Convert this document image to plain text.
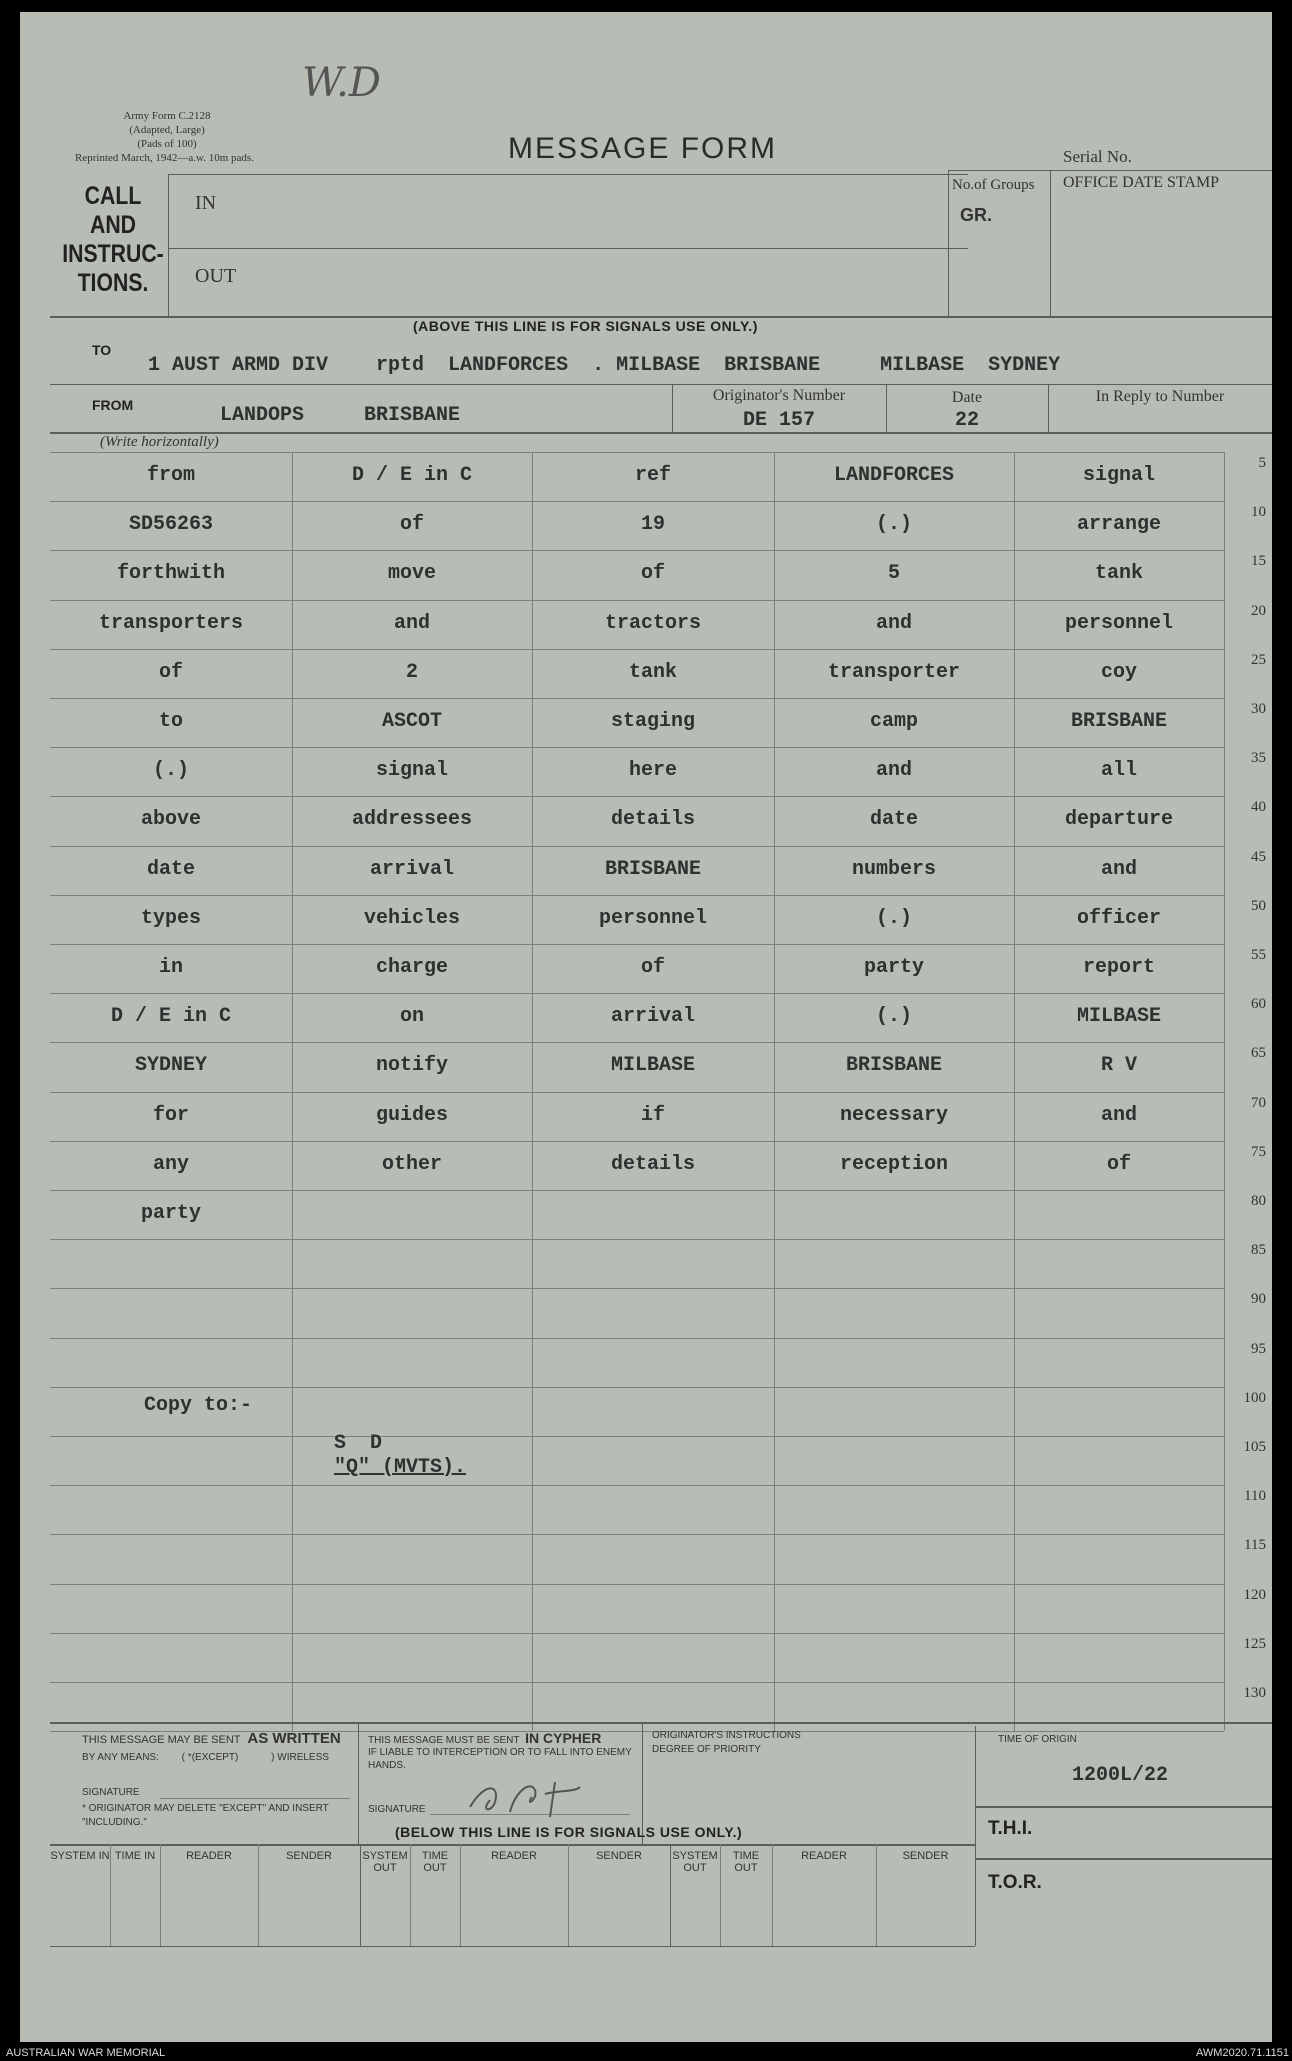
W.D
Army Form C.2128
(Adapted, Large)
(Pads of 100)
Reprinted March, 1942—a.w. 10m pads.	MESSAGE FORM	Serial No.
No.of Groups
GR.
OFFICE DATE STAMP
CALL
AND
INSTRUC-
TIONS.
IN
OUT
(ABOVE THIS LINE IS FOR SIGNALS USE ONLY.)
TO
1 AUST ARMD DIV    rptd  LANDFORCES  . MILBASE  BRISBANE     MILBASE  SYDNEY
FROM	LANDOPS     BRISBANE
Originator's Number
DE 157
Date
22
In Reply to Number
(Write horizontally)
from	D / E in C	ref	LANDFORCES	signal
5
SD56263	of	19	(.)	arrange
10
forthwith	move	of	5	tank
15
transporters	and	tractors	and	personnel
20
of	2	tank	transporter	coy
25
to	ASCOT	staging	camp	BRISBANE
30
(.)	signal	here	and	all
35
above	addressees	details	date	departure
40
date	arrival	BRISBANE	numbers	and
45
types	vehicles	personnel	(.)	officer
50
in	charge	of	party	report
55
D / E in C	on	arrival	(.)	MILBASE
60
SYDNEY	notify	MILBASE	BRISBANE	R V
65
for	guides	if	necessary	and
70
any	other	details	reception	of
75
party
80
85
90
95
100
105
110
115
120
125
130
Copy to:-
S  D
"Q" (MVTS).
THIS MESSAGE MAY BE SENT AS WRITTEN
BY ANY MEANS: ( *(EXCEPT)	) WIRELESS
SIGNATURE
* ORIGINATOR MAY DELETE "EXCEPT" AND INSERT "INCLUDING."
THIS MESSAGE MUST BE SENT IN CYPHER
IF LIABLE TO INTERCEPTION OR TO FALL INTO ENEMY HANDS.
SIGNATURE
ORIGINATOR'S INSTRUCTIONS
DEGREE OF PRIORITY
TIME OF ORIGIN
1200L/22
(BELOW THIS LINE IS FOR SIGNALS USE ONLY.)	T.H.I.
T.O.R.
SYSTEM IN TIME IN	READER	SENDER	SYSTEM OUT
TIME OUT
READER	SENDER	SYSTEM OUT
TIME OUT
READER	SENDER
AUSTRALIAN WAR MEMORIAL	AWM2020.71.1151
